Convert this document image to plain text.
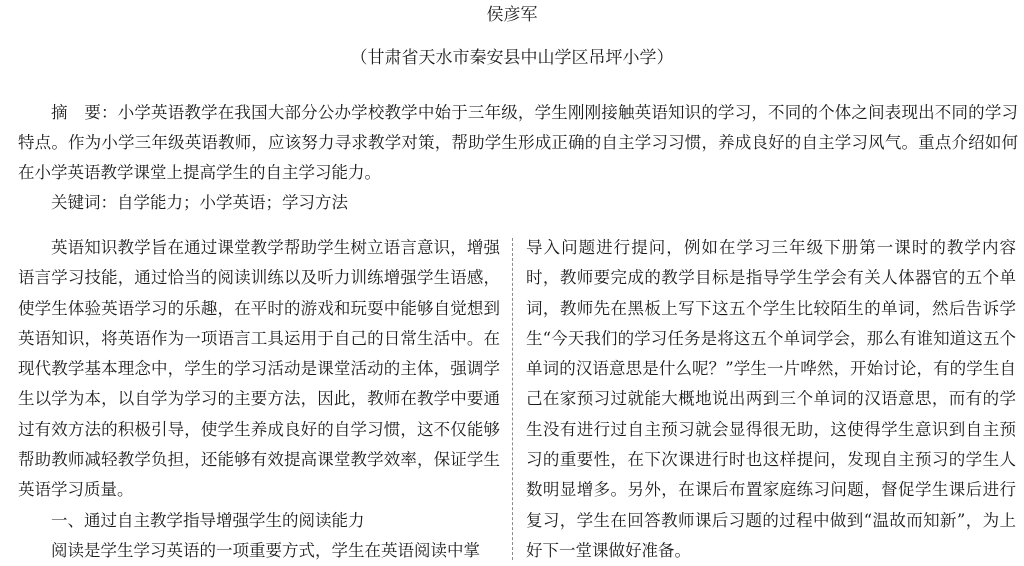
侯彦军
（甘肃省天水市秦安县中山学区吊坪小学）

摘　要：小学英语教学在我国大部分公办学校教学中始于三年级，学生刚刚接触英语知识的学习，不同的个体之间表现出不同的学习特点。作为小学三年级英语教师，应该努力寻求教学对策，帮助学生形成正确的自主学习习惯，养成良好的自主学习风气。重点介绍如何在小学英语教学课堂上提高学生的自主学习能力。

关键词：自学能力；小学英语；学习方法

英语知识教学旨在通过课堂教学帮助学生树立语言意识，增强语言学习技能，通过恰当的阅读训练以及听力训练增强学生语感，使学生体验英语学习的乐趣，在平时的游戏和玩耍中能够自觉想到英语知识，将英语作为一项语言工具运用于自己的日常生活中。在现代教学基本理念中，学生的学习活动是课堂活动的主体，强调学生以学为本，以自学为学习的主要方法，因此，教师在教学中要通过有效方法的积极引导，使学生养成良好的自学习惯，这不仅能够帮助教师减轻教学负担，还能够有效提高课堂教学效率，保证学生英语学习质量。

一、通过自主教学指导增强学生的阅读能力

阅读是学生学习英语的一项重要方式，学生在英语阅读中掌

导入问题进行提问，例如在学习三年级下册第一课时的教学内容时，教师要完成的教学目标是指导学生学会有关人体器官的五个单词，教师先在黑板上写下这五个学生比较陌生的单词，然后告诉学生“今天我们的学习任务是将这五个单词学会，那么有谁知道这五个单词的汉语意思是什么呢？”学生一片哗然，开始讨论，有的学生自己在家预习过就能大概地说出两到三个单词的汉语意思，而有的学生没有进行过自主预习就会显得很无助，这使得学生意识到自主预习的重要性，在下次课进行时也这样提问，发现自主预习的学生人数明显增多。另外，在课后布置家庭练习问题，督促学生课后进行复习，学生在回答教师课后习题的过程中做到“温故而知新”，为上好下一堂课做好准备。
